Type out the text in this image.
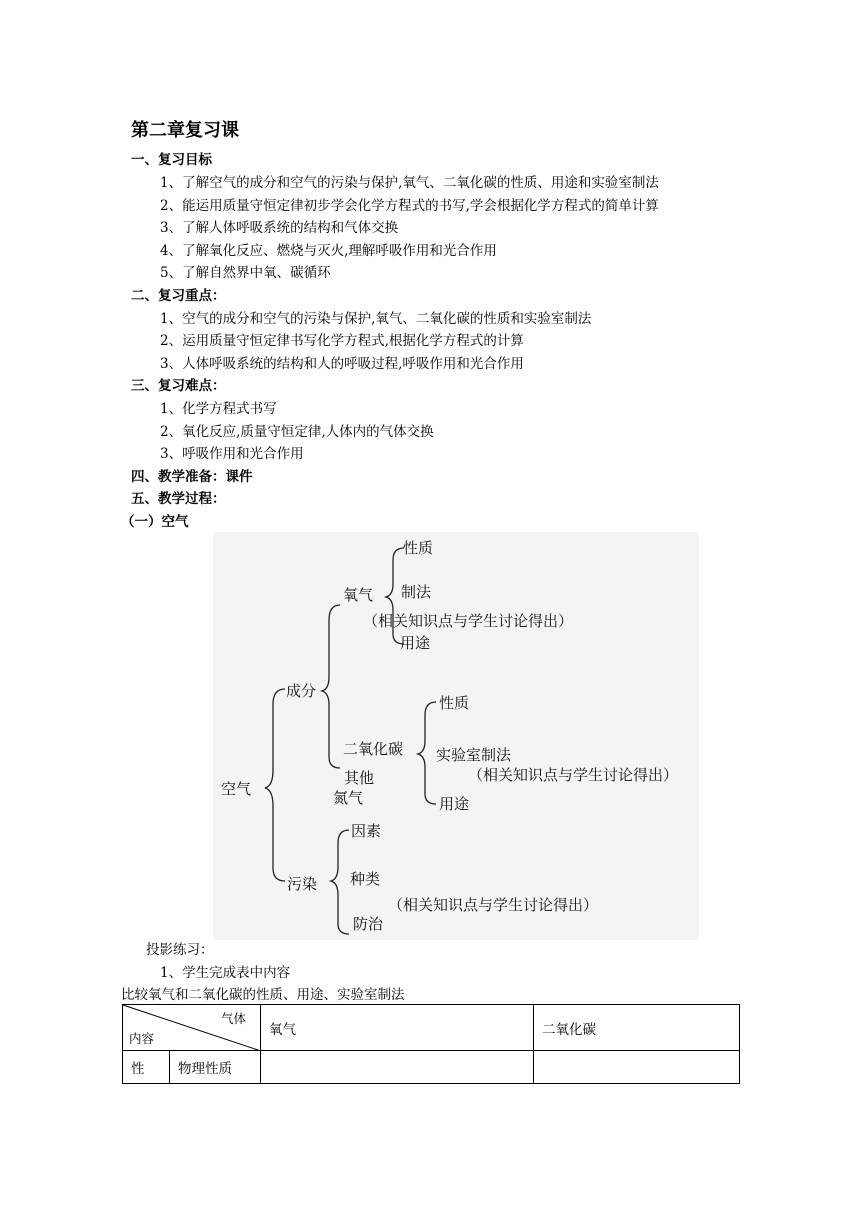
第二章复习课
一、复习目标
1、了解空气的成分和空气的污染与保护,氧气、二氧化碳的性质、用途和实验室制法
2、能运用质量守恒定律初步学会化学方程式的书写,学会根据化学方程式的简单计算
3、了解人体呼吸系统的结构和气体交换
4、了解氧化反应、燃烧与灭火,理解呼吸作用和光合作用
5、了解自然界中氧、碳循环
二、复习重点：
1、空气的成分和空气的污染与保护,氧气、二氧化碳的性质和实验室制法
2、运用质量守恒定律书写化学方程式,根据化学方程式的计算
3、人体呼吸系统的结构和人的呼吸过程,呼吸作用和光合作用
三、复习难点：
1、化学方程式书写
2、氧化反应,质量守恒定律,人体内的气体交换
3、呼吸作用和光合作用
四、教学准备：课件
五、教学过程：
（一）空气
空气
成分
氧气
性质
制法
（相关知识点与学生讨论得出）
用途
二氧化碳
性质
实验室制法
（相关知识点与学生讨论得出）
用途
其他
氮气
污染
因素
种类
（相关知识点与学生讨论得出）
防治
投影练习：
1、学生完成表中内容
比较氧气和二氧化碳的性质、用途、实验室制法
气体
内容		氧气	二氧化碳
性	物理性质		
